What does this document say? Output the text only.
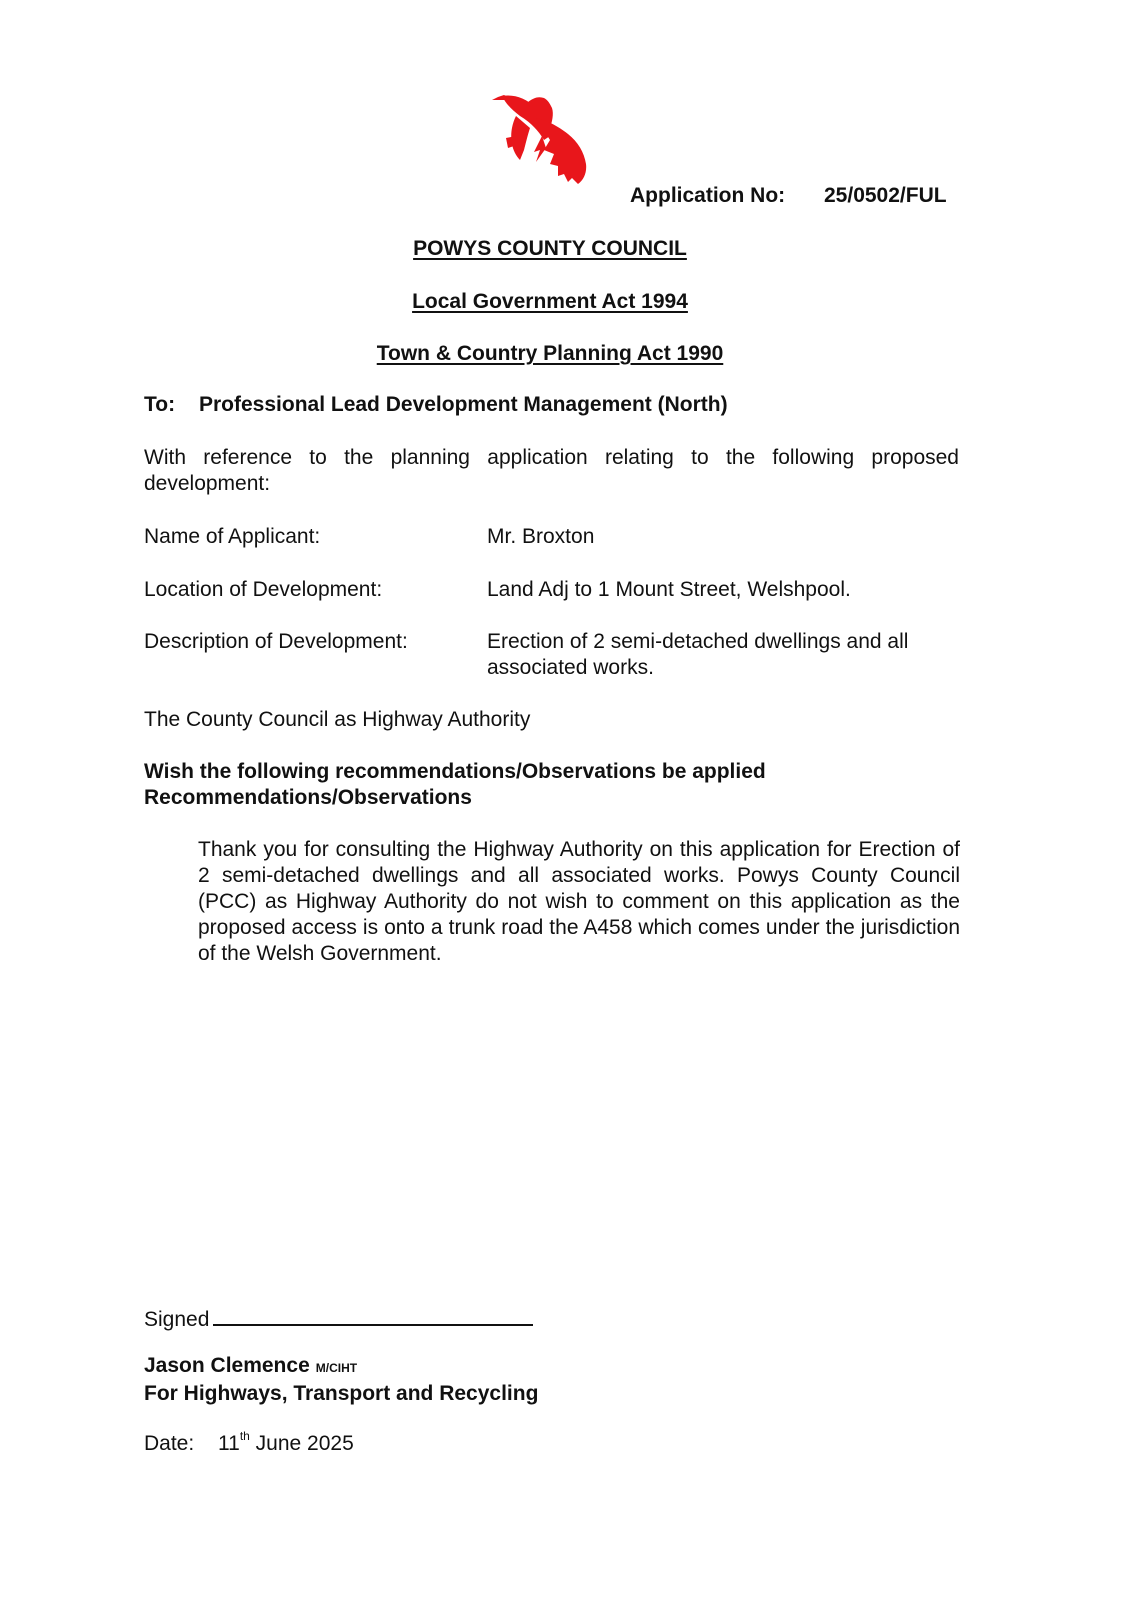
Application No: 25/0502/FUL
POWYS COUNTY COUNCIL
Local Government Act 1994
Town & Country Planning Act 1990
To: Professional Lead Development Management (North)
With reference to the planning application relating to the following proposed development:
Name of Applicant:	Mr. Broxton
Location of Development:	Land Adj to 1 Mount Street, Welshpool.
Description of Development:	Erection of 2 semi-detached dwellings and all associated works.
The County Council as Highway Authority
Wish the following recommendations/Observations be applied
Recommendations/Observations
Thank you for consulting the Highway Authority on this application for Erection of 2 semi-detached dwellings and all associated works. Powys County Council (PCC) as Highway Authority do not wish to comment on this application as the proposed access is onto a trunk road the A458 which comes under the jurisdiction of the Welsh Government.
Signed
Jason Clemence M/CIHT
For Highways, Transport and Recycling
Date: 11th June 2025
